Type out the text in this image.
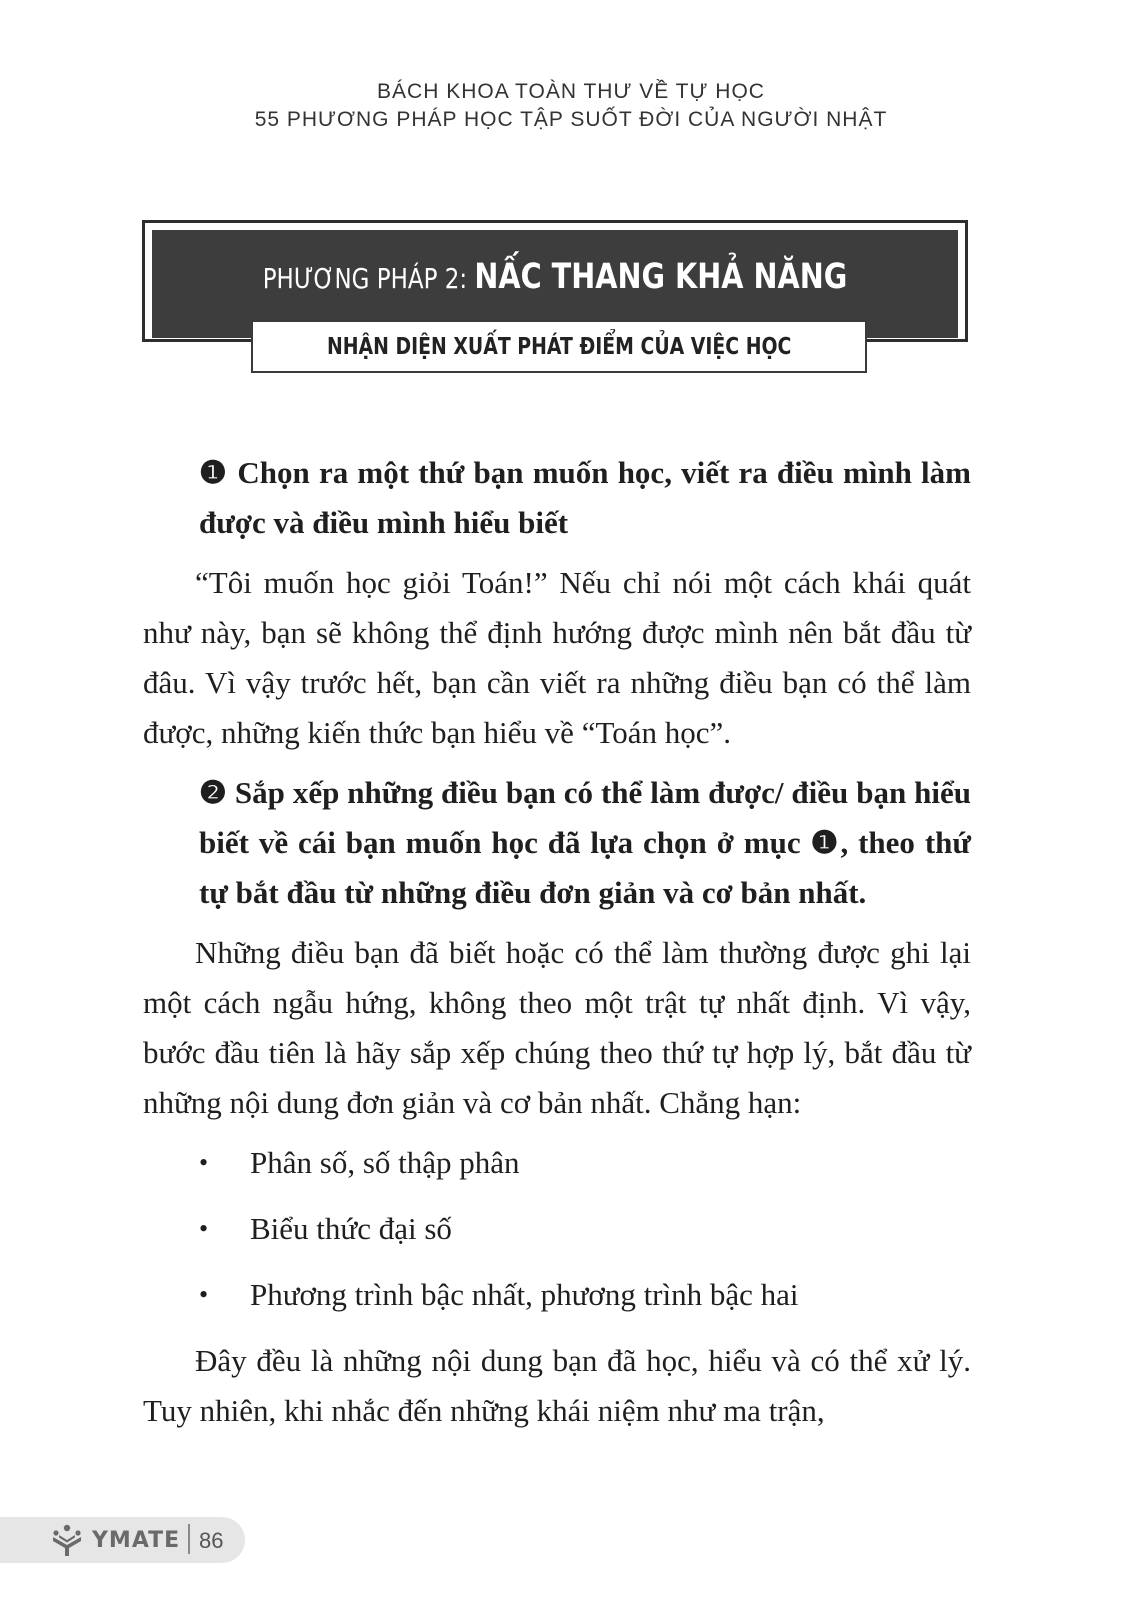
BÁCH KHOA TOÀN THƯ VỀ TỰ HỌC
55 PHƯƠNG PHÁP HỌC TẬP SUỐT ĐỜI CỦA NGƯỜI NHẬT
PHƯƠNG PHÁP 2: NẤC THANG KHẢ NĂNG
NHẬN DIỆN XUẤT PHÁT ĐIỂM CỦA VIỆC HỌC

❶ Chọn ra một thứ bạn muốn học, viết ra điều mình làm được và điều mình hiểu biết

“Tôi muốn học giỏi Toán!” Nếu chỉ nói một cách khái quát như này, bạn sẽ không thể định hướng được mình nên bắt đầu từ đâu. Vì vậy trước hết, bạn cần viết ra những điều bạn có thể làm được, những kiến thức bạn hiểu về “Toán học”.

❷ Sắp xếp những điều bạn có thể làm được/ điều bạn hiểu biết về cái bạn muốn học đã lựa chọn ở mục ❶, theo thứ tự bắt đầu từ những điều đơn giản và cơ bản nhất.

Những điều bạn đã biết hoặc có thể làm thường được ghi lại một cách ngẫu hứng, không theo một trật tự nhất định. Vì vậy, bước đầu tiên là hãy sắp xếp chúng theo thứ tự hợp lý, bắt đầu từ những nội dung đơn giản và cơ bản nhất. Chẳng hạn:

• Phân số, số thập phân
• Biểu thức đại số
• Phương trình bậc nhất, phương trình bậc hai

Đây đều là những nội dung bạn đã học, hiểu và có thể xử lý. Tuy nhiên, khi nhắc đến những khái niệm như ma trận,

YMATE 86
